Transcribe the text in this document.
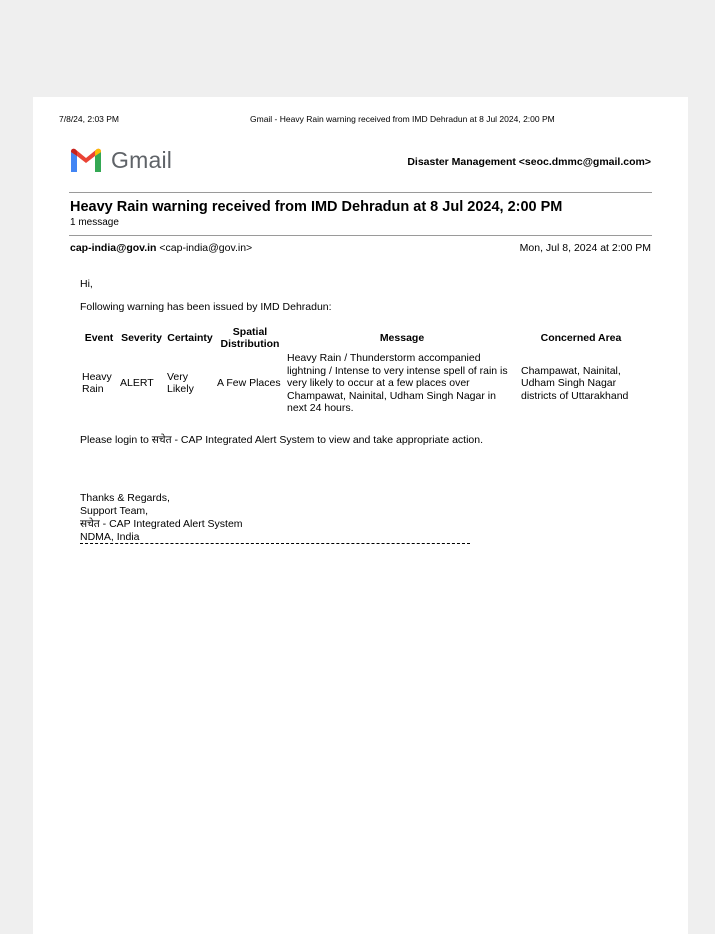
7/8/24, 2:03 PM	Gmail - Heavy Rain warning received from IMD Dehradun at 8 Jul 2024, 2:00 PM
Gmail	Disaster Management <seoc.dmmc@gmail.com>
Heavy Rain warning received from IMD Dehradun at 8 Jul 2024, 2:00 PM
1 message
cap-india@gov.in <cap-india@gov.in>	Mon, Jul 8, 2024 at 2:00 PM
Hi,
Following warning has been issued by IMD Dehradun:
Event	Severity	Certainty	Spatial Distribution	Message	Concerned Area
Heavy Rain	ALERT	Very Likely	A Few Places	Heavy Rain / Thunderstorm accompanied lightning / Intense to very intense spell of rain is very likely to occur at a few places over Champawat, Nainital, Udham Singh Nagar in next 24 hours.	Champawat, Nainital, Udham Singh Nagar districts of Uttarakhand
Please login to सचेत - CAP Integrated Alert System to view and take appropriate action.
Thanks & Regards,
Support Team,
सचेत - CAP Integrated Alert System
NDMA, India
